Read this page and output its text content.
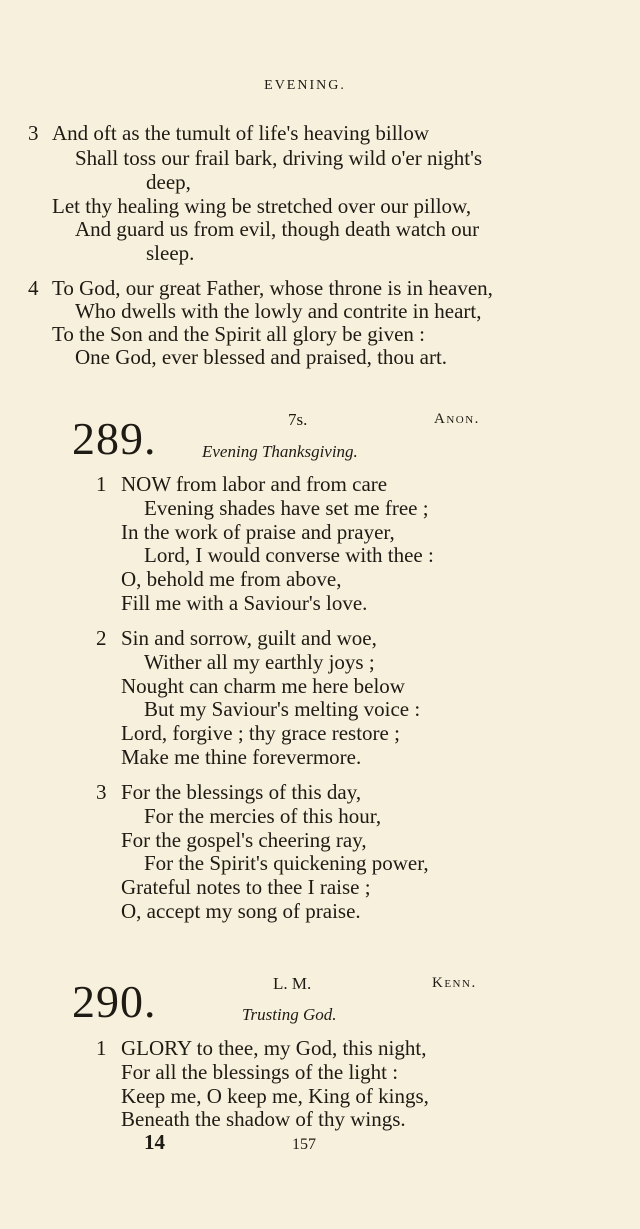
EVENING.
3 And oft as the tumult of life's heaving billow
Shall toss our frail bark, driving wild o'er night's
deep,
Let thy healing wing be stretched over our pillow,
And guard us from evil, though death watch our
sleep.
4 To God, our great Father, whose throne is in heaven,
Who dwells with the lowly and contrite in heart,
To the Son and the Spirit all glory be given :
One God, ever blessed and praised, thou art.
289.	7s.	Anon.
Evening Thanksgiving.
1 NOW from labor and from care
Evening shades have set me free ;
In the work of praise and prayer,
Lord, I would converse with thee :
O, behold me from above,
Fill me with a Saviour's love.
2 Sin and sorrow, guilt and woe,
Wither all my earthly joys ;
Nought can charm me here below
But my Saviour's melting voice :
Lord, forgive ; thy grace restore ;
Make me thine forevermore.
3 For the blessings of this day,
For the mercies of this hour,
For the gospel's cheering ray,
For the Spirit's quickening power,
Grateful notes to thee I raise ;
O, accept my song of praise.
290.	L. M.	Kenn.
Trusting God.
1 GLORY to thee, my God, this night,
For all the blessings of the light :
Keep me, O keep me, King of kings,
Beneath the shadow of thy wings.
14	157
